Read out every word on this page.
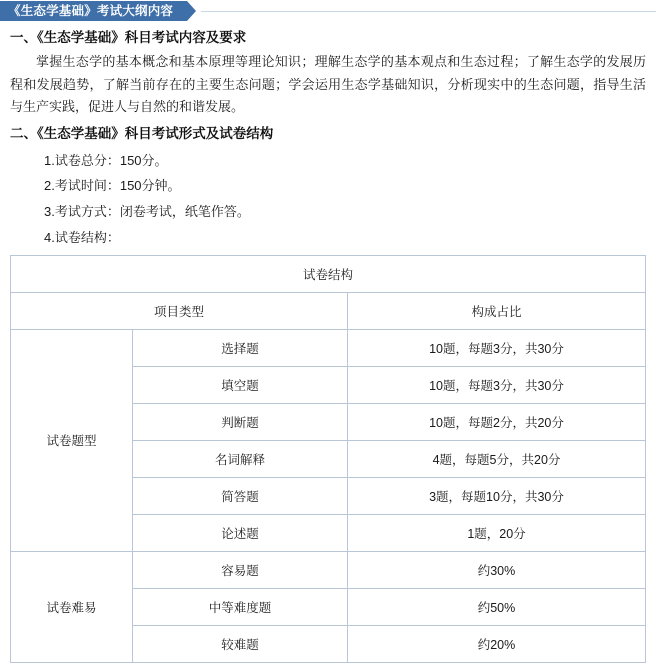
《生态学基础》考试大纲内容
一、《生态学基础》科目考试内容及要求

掌握生态学的基本概念和基本原理等理论知识；理解生态学的基本观点和生态过程；了解生态学的发展历程和发展趋势，了解当前存在的主要生态问题；学会运用生态学基础知识，分析现实中的生态问题，指导生活与生产实践，促进人与自然的和谐发展。

二、《生态学基础》科目考试形式及试卷结构
1.试卷总分：150分。
2.考试时间：150分钟。
3.考试方式：闭卷考试，纸笔作答。
4.试卷结构：
试卷结构		
项目类型		构成占比
试卷题型	选择题	10题，每题3分，共30分
	填空题	10题，每题3分，共30分
	判断题	10题，每题2分，共20分
	名词解释	4题，每题5分，共20分
	简答题	3题，每题10分，共30分
	论述题	1题，20分
试卷难易	容易题	约30%
	中等难度题	约50%
	较难题	约20%
